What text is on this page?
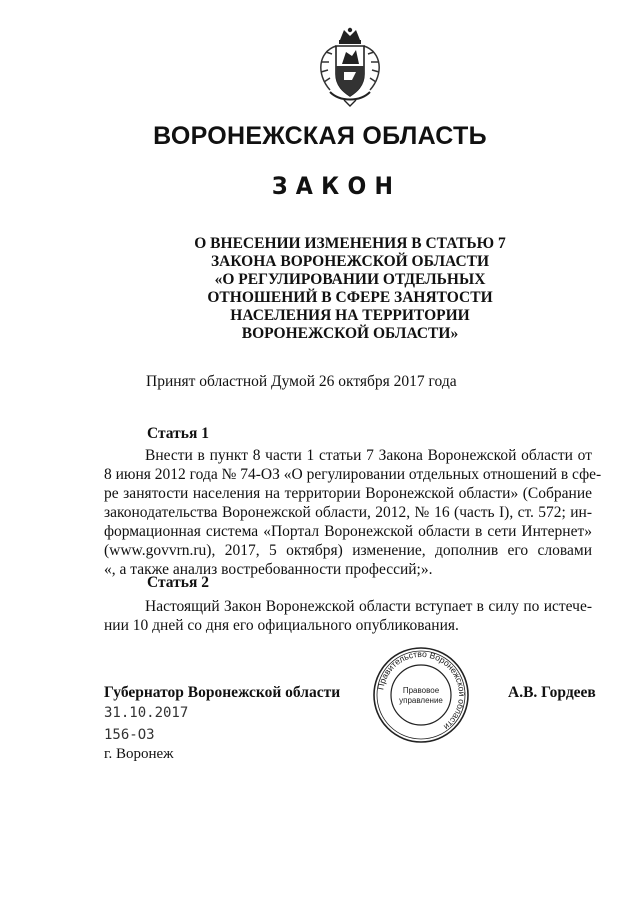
ВОРОНЕЖСКАЯ ОБЛАСТЬ
ЗАКОН
О ВНЕСЕНИИ ИЗМЕНЕНИЯ В СТАТЬЮ 7
ЗАКОНА ВОРОНЕЖСКОЙ ОБЛАСТИ
«О РЕГУЛИРОВАНИИ ОТДЕЛЬНЫХ
ОТНОШЕНИЙ В СФЕРЕ ЗАНЯТОСТИ
НАСЕЛЕНИЯ НА ТЕРРИТОРИИ
ВОРОНЕЖСКОЙ ОБЛАСТИ»
Принят областной Думой 26 октября 2017 года
Статья 1
Внести в пункт 8 части 1 статьи 7 Закона Воронежской области от
8 июня 2012 года № 74-ОЗ «О регулировании отдельных отношений в сфе-
ре занятости населения на территории Воронежской области» (Собрание
законодательства Воронежской области, 2012, № 16 (часть I), ст. 572; ин-
формационная система «Портал Воронежской области в сети Интернет»
(www.govvrn.ru), 2017, 5 октября) изменение, дополнив его словами
«, а также анализ востребованности профессий;».
Статья 2
Настоящий Закон Воронежской области вступает в силу по истече-
нии 10 дней со дня его официального опубликования.
Губернатор Воронежской области	А.В. Гордеев
31.10.2017
156-ОЗ
г. Воронеж
Правительство Воронежской области
Правовое
управление
